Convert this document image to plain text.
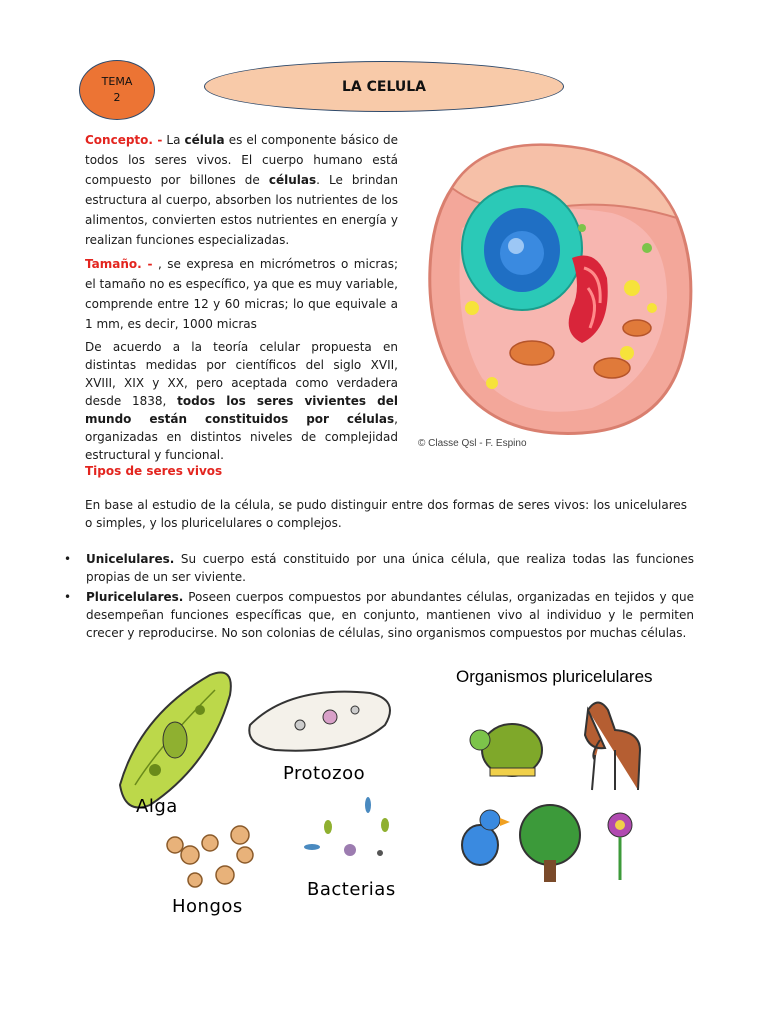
TEMA
2
LA CELULA

Concepto. - La célula es el componente básico de todos los seres vivos. El cuerpo humano está compuesto por billones de células. Le brindan estructura al cuerpo, absorben los nutrientes de los alimentos, convierten estos nutrientes en energía y realizan funciones especializadas.

Tamaño. - , se expresa en micrómetros o micras; el tamaño no es específico, ya que es muy variable, comprende entre 12 y 60 micras; lo que equivale a 1 mm, es decir, 1000 micras

De acuerdo a la teoría celular propuesta en distintas medidas por científicos del siglo XVII, XVIII, XIX y XX, pero aceptada como verdadera desde 1838, todos los seres vivientes del mundo están constituidos por células, organizadas en distintos niveles de complejidad estructural y funcional.

© Classe Qsl - F. Espino
Tipos de seres vivos

En base al estudio de la célula, se pudo distinguir entre dos formas de seres vivos: los unicelulares o simples, y los pluricelulares o complejos.

• Unicelulares. Su cuerpo está constituido por una única célula, que realiza todas las funciones propias de un ser viviente.
• Pluricelulares. Poseen cuerpos compuestos por abundantes células, organizadas en tejidos y que desempeñan funciones específicas que, en conjunto, mantienen vivo al individuo y le permiten crecer y reproducirse. No son colonias de células, sino organismos compuestos por muchas células.
Alga
Protozoo
Hongos
Bacterias
Organismos pluricelulares
